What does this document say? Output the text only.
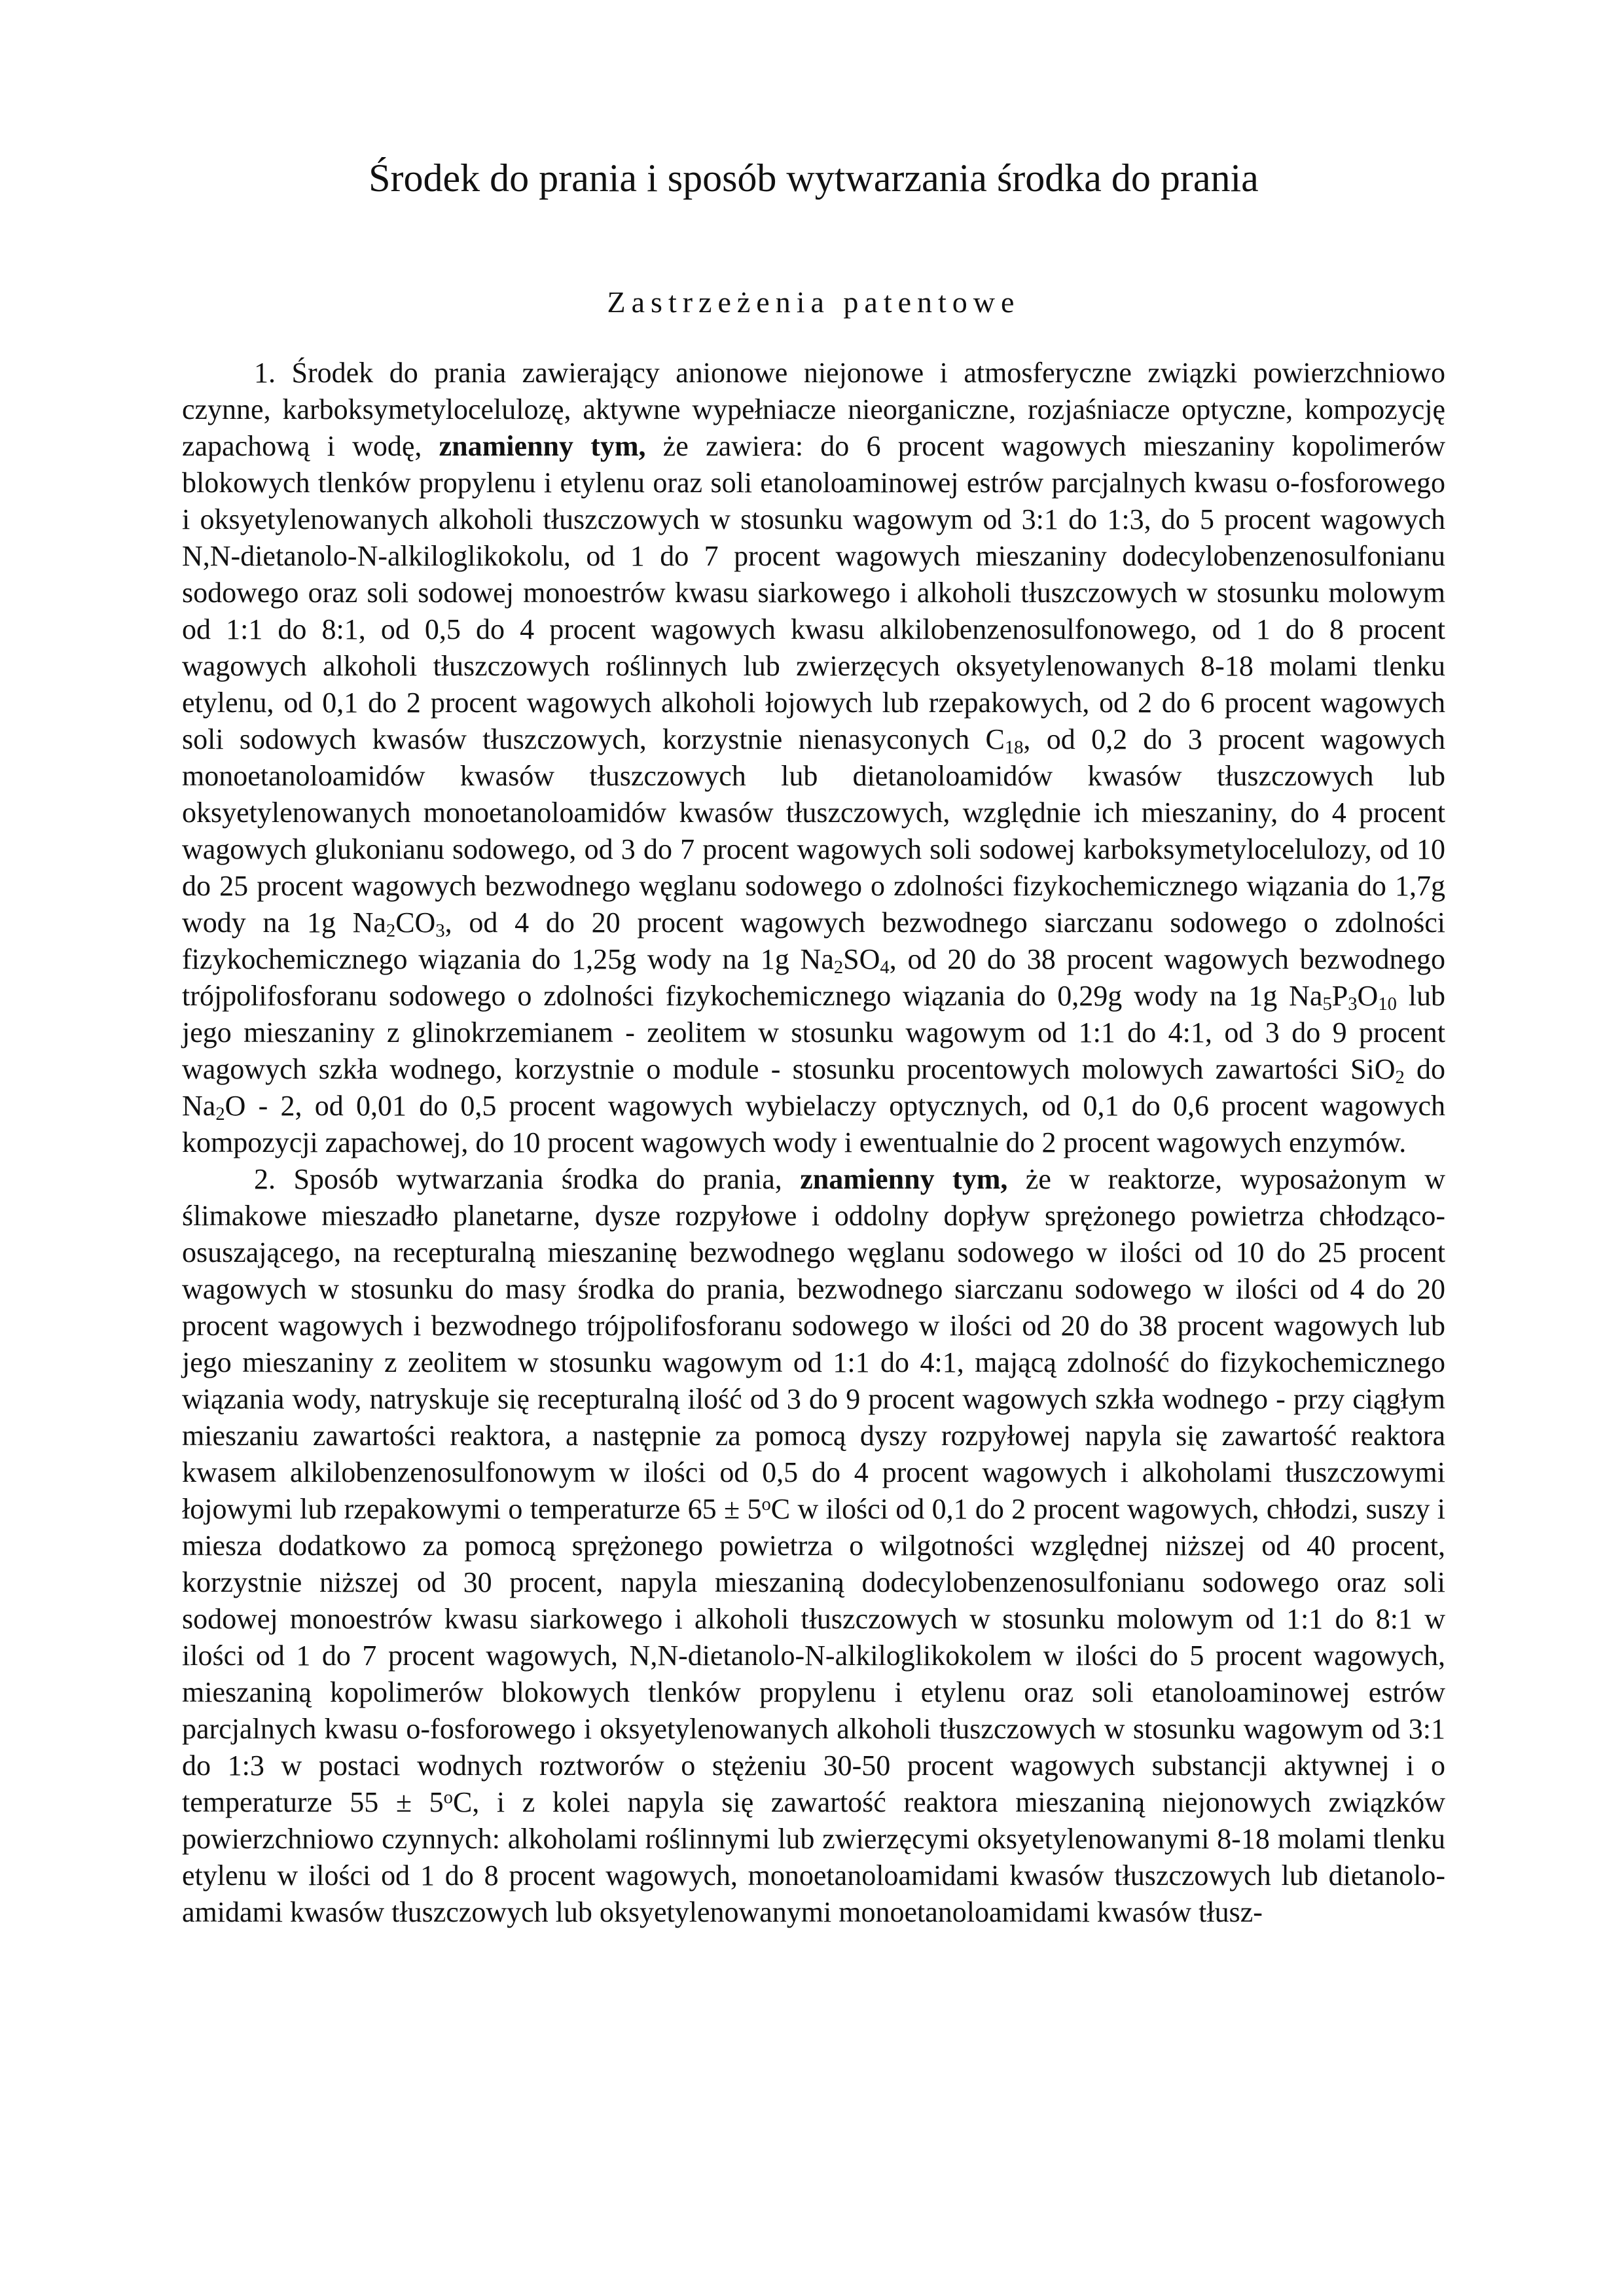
Środek do prania i sposób wytwarzania środka do prania
Zastrzeżenia patentowe

1. Środek do prania zawierający anionowe niejonowe i atmosferyczne związki powierzchniowo czynne, karboksymetylocelulozę, aktywne wypełniacze nieorganiczne, rozjaśniacze optyczne, kompozycję zapachową i wodę, znamienny tym, że zawiera: do 6 procent wagowych mieszaniny kopolimerów blokowych tlenków propylenu i etylenu oraz soli etanoloaminowej estrów parcjalnych kwasu o-fosforowego i oksyetylenowanych alkoholi tłuszczowych w stosunku wagowym od 3:1 do 1:3, do 5 procent wagowych N,N-dietanolo-N-alkiloglikokolu, od 1 do 7 procent wagowych mieszaniny dodecylobenzenosulfonianu sodowego oraz soli sodowej monoestrów kwasu siarkowego i alkoholi tłuszczowych w stosunku molowym od 1:1 do 8:1, od 0,5 do 4 procent wagowych kwasu alkilobenzenosulfonowego, od 1 do 8 procent wagowych alkoholi tłuszczowych roślinnych lub zwierzęcych oksyetylenowanych 8-18 molami tlenku etylenu, od 0,1 do 2 procent wagowych alkoholi łojowych lub rzepakowych, od 2 do 6 procent wagowych soli sodowych kwasów tłuszczowych, korzystnie nienasyconych $C_{18}$, od 0,2 do 3 procent wagowych monoetanoloamidów kwasów tłuszczowych lub dietanoloamidów kwasów tłuszczowych lub oksyetylenowanych monoetanoloamidów kwasów tłuszczowych, względnie ich mieszaniny, do 4 procent wagowych glukonianu sodowego, od 3 do 7 procent wagowych soli sodowej karboksymetylocelulozy, od 10 do 25 procent wagowych bezwodnego węglanu sodowego o zdolności fizykochemicznego wiązania do 1,7g wody na 1g $Na_2CO_3$, od 4 do 20 procent wagowych bezwodnego siarczanu sodowego o zdolności fizykochemicznego wiązania do 1,25g wody na 1g $Na_2SO_4$, od 20 do 38 procent wagowych bezwodnego trójpolifosforanu sodowego o zdolności fizykochemicznego wiązania do 0,29g wody na 1g $Na_5P_3O_{10}$ lub jego mieszaniny z glinokrzemianem - zeolitem w stosunku wagowym od 1:1 do 4:1, od 3 do 9 procent wagowych szkła wodnego, korzystnie o module - stosunku procentowych molowych zawartości SiO$_2$ do $Na_2O - 2$, od 0,01 do 0,5 procent wagowych wybielaczy optycznych, od 0,1 do 0,6 procent wagowych kompozycji zapachowej, do 10 procent wagowych wody i ewentualnie do 2 procent wagowych enzymów.

2. Sposób wytwarzania środka do prania, znamienny tym, że w reaktorze, wyposażonym w ślimakowe mieszadło planetarne, dysze rozpyłowe i oddolny dopływ sprężonego powietrza chłodząco-osuszającego, na recepturalną mieszaninę bezwodnego węglanu sodowego w ilości od 10 do 25 procent wagowych w stosunku do masy środka do prania, bezwodnego siarczanu sodowego w ilości od 4 do 20 procent wagowych i bezwodnego trójpolifosforanu sodowego w ilości od 20 do 38 procent wagowych lub jego mieszaniny z zeolitem w stosunku wagowym od 1:1 do 4:1, mającą zdolność do fizykochemicznego wiązania wody, natryskuje się recepturalną ilość od 3 do 9 procent wagowych szkła wodnego - przy ciągłym mieszaniu zawartości reaktora, a następnie za pomocą dyszy rozpyłowej napyla się zawartość reaktora kwasem alkilobenzenosulfonowym w ilości od 0,5 do 4 procent wagowych i alkoholami tłuszczowymi łojowymi lub rzepakowymi o temperaturze $65 \pm 5^oC$ w ilości od 0,1 do 2 procent wagowych, chłodzi, suszy i miesza dodatkowo za pomocą sprężonego powietrza o wilgotności względnej niższej od 40 procent, korzystnie niższej od 30 procent, napyla mieszaniną dodecylobenzenosulfonianu sodowego oraz soli sodowej monoestrów kwasu siarkowego i alkoholi tłuszczowych w stosunku molowym od 1:1 do 8:1 w ilości od 1 do 7 procent wagowych, N,N-dietanolo-N-alkiloglikokolem w ilości do 5 procent wagowych, mieszaniną kopolimerów blokowych tlenków propylenu i etylenu oraz soli etanoloaminowej estrów parcjalnych kwasu o-fosforowego i oksyetylenowanych alkoholi tłuszczowych w stosunku wagowym od 3:1 do 1:3 w postaci wodnych roztworów o stężeniu 30-50 procent wagowych substancji aktywnej i o temperaturze $55 \pm 5^oC$, i z kolei napyla się zawartość reaktora mieszaniną niejonowych związków powierzchniowo czynnych: alkoholami roślinnymi lub zwierzęcymi oksyetylenowanymi 8-18 molami tlenku etylenu w ilości od 1 do 8 procent wagowych, monoetanoloamidami kwasów tłuszczowych lub dietanoloamidami kwasów tłuszczowych lub oksyetylenowanymi monoetanoloamidami kwasów tłusz-
